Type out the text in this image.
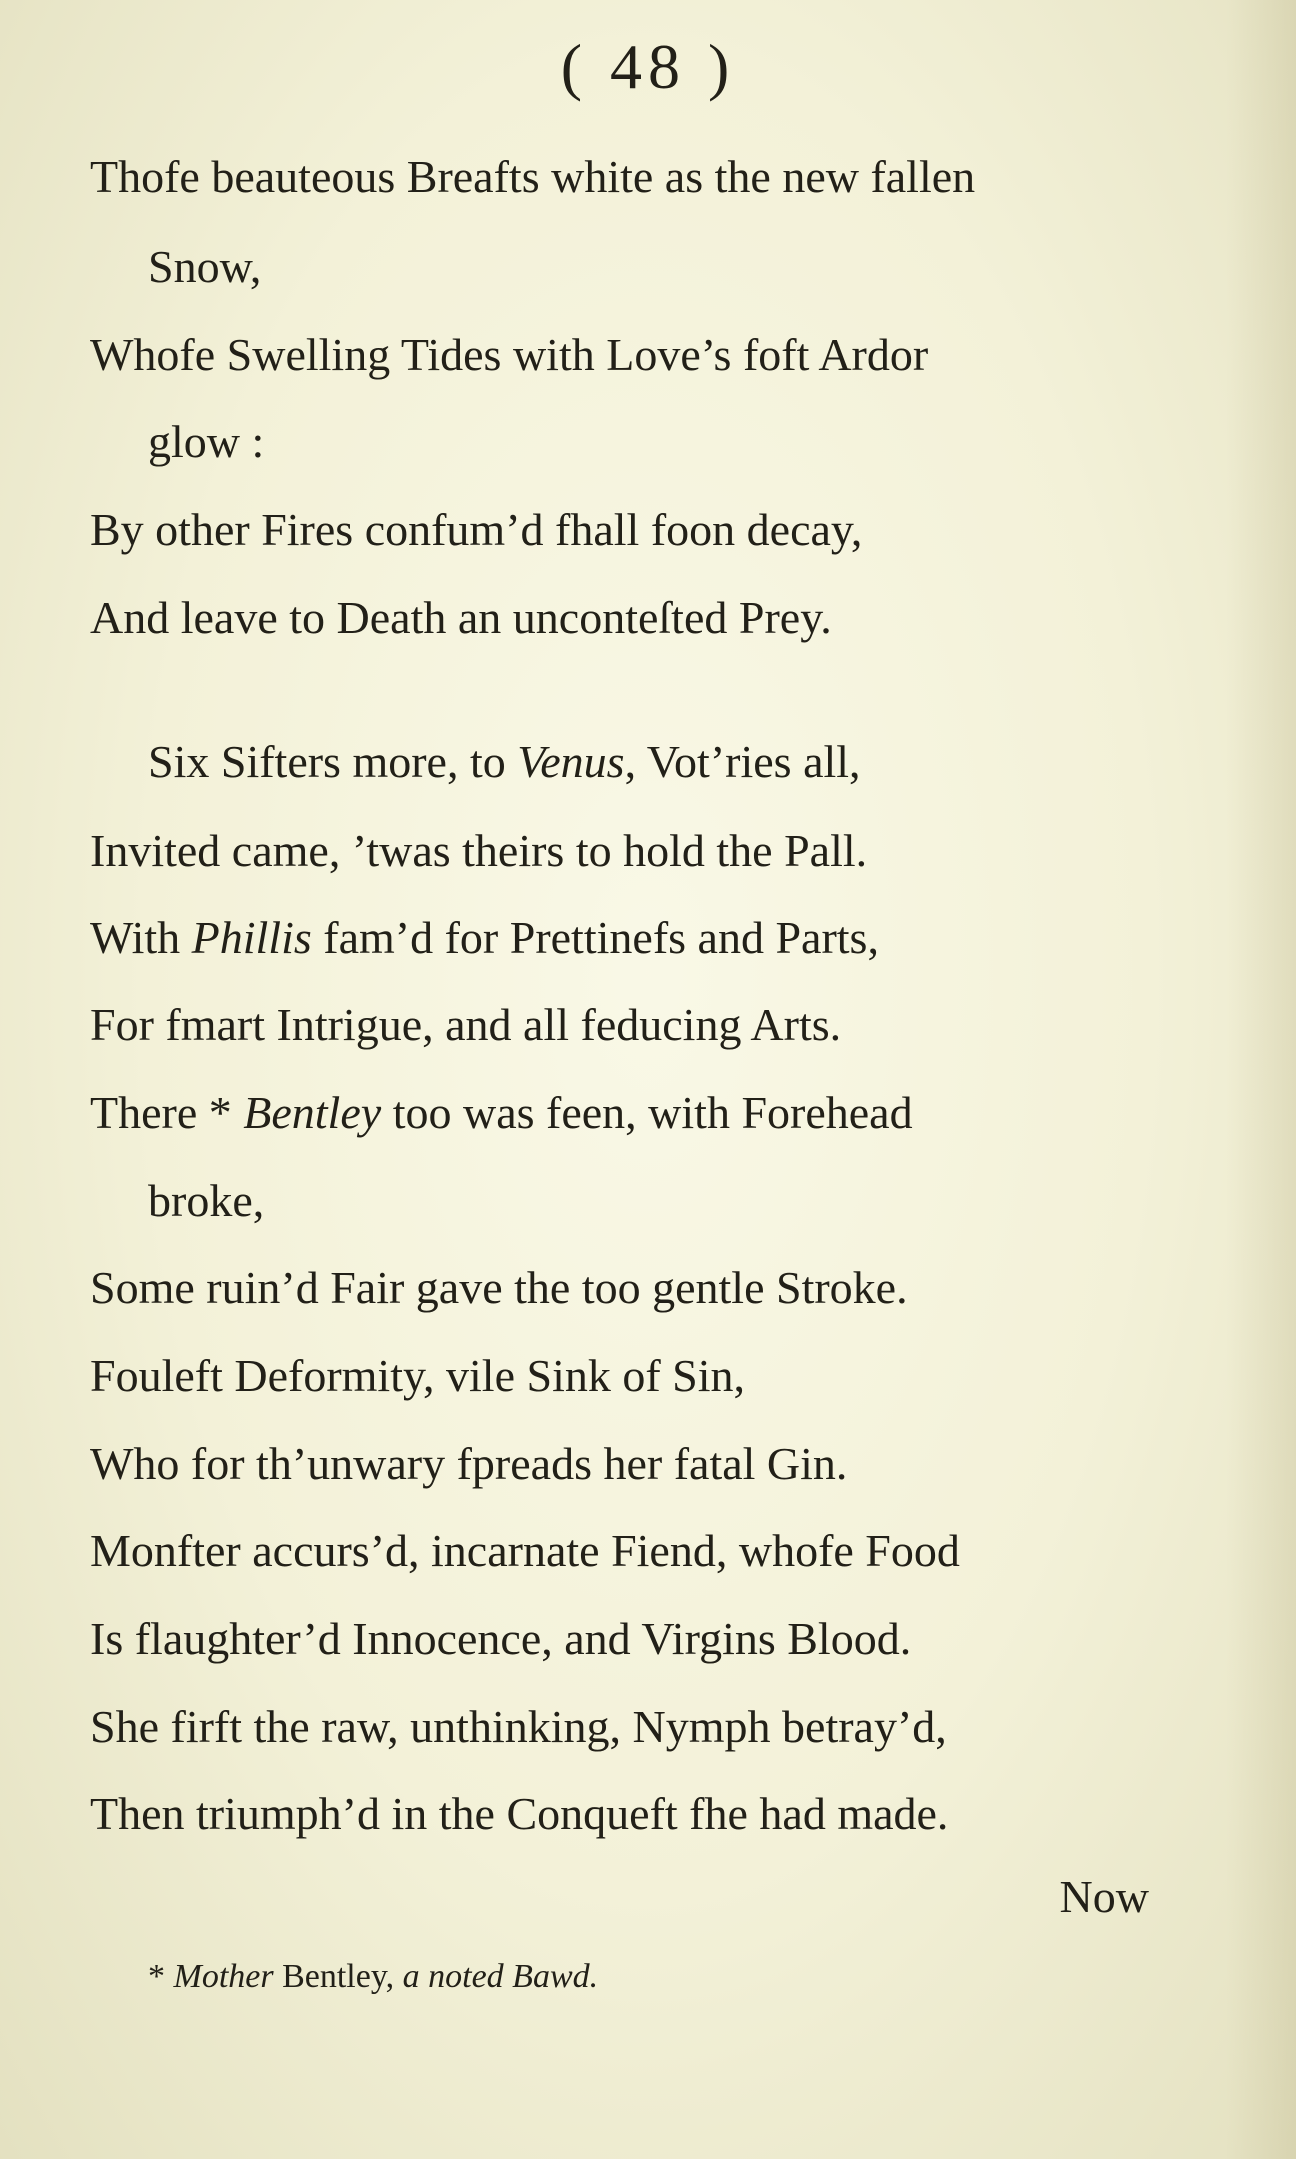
( 48 )
Thofe beauteous Breafts white as the new fallen
Snow,
Whofe Swelling Tides with Love’s foft Ardor
glow :
By other Fires confum’d fhall foon decay,
And leave to Death an unconteſted Prey.
Six Sifters more, to Venus, Vot’ries all,
Invited came, ’twas theirs to hold the Pall.
With Phillis fam’d for Prettinefs and Parts,
For fmart Intrigue, and all feducing Arts.
There * Bentley too was feen, with Forehead
broke,
Some ruin’d Fair gave the too gentle Stroke.
Fouleft Deformity, vile Sink of Sin,
Who for th’unwary fpreads her fatal Gin.
Monfter accurs’d, incarnate Fiend, whofe Food
Is flaughter’d Innocence, and Virgins Blood.
She firft the raw, unthinking, Nymph betray’d,
Then triumph’d in the Conqueft fhe had made.
Now
* Mother Bentley, a noted Bawd.
